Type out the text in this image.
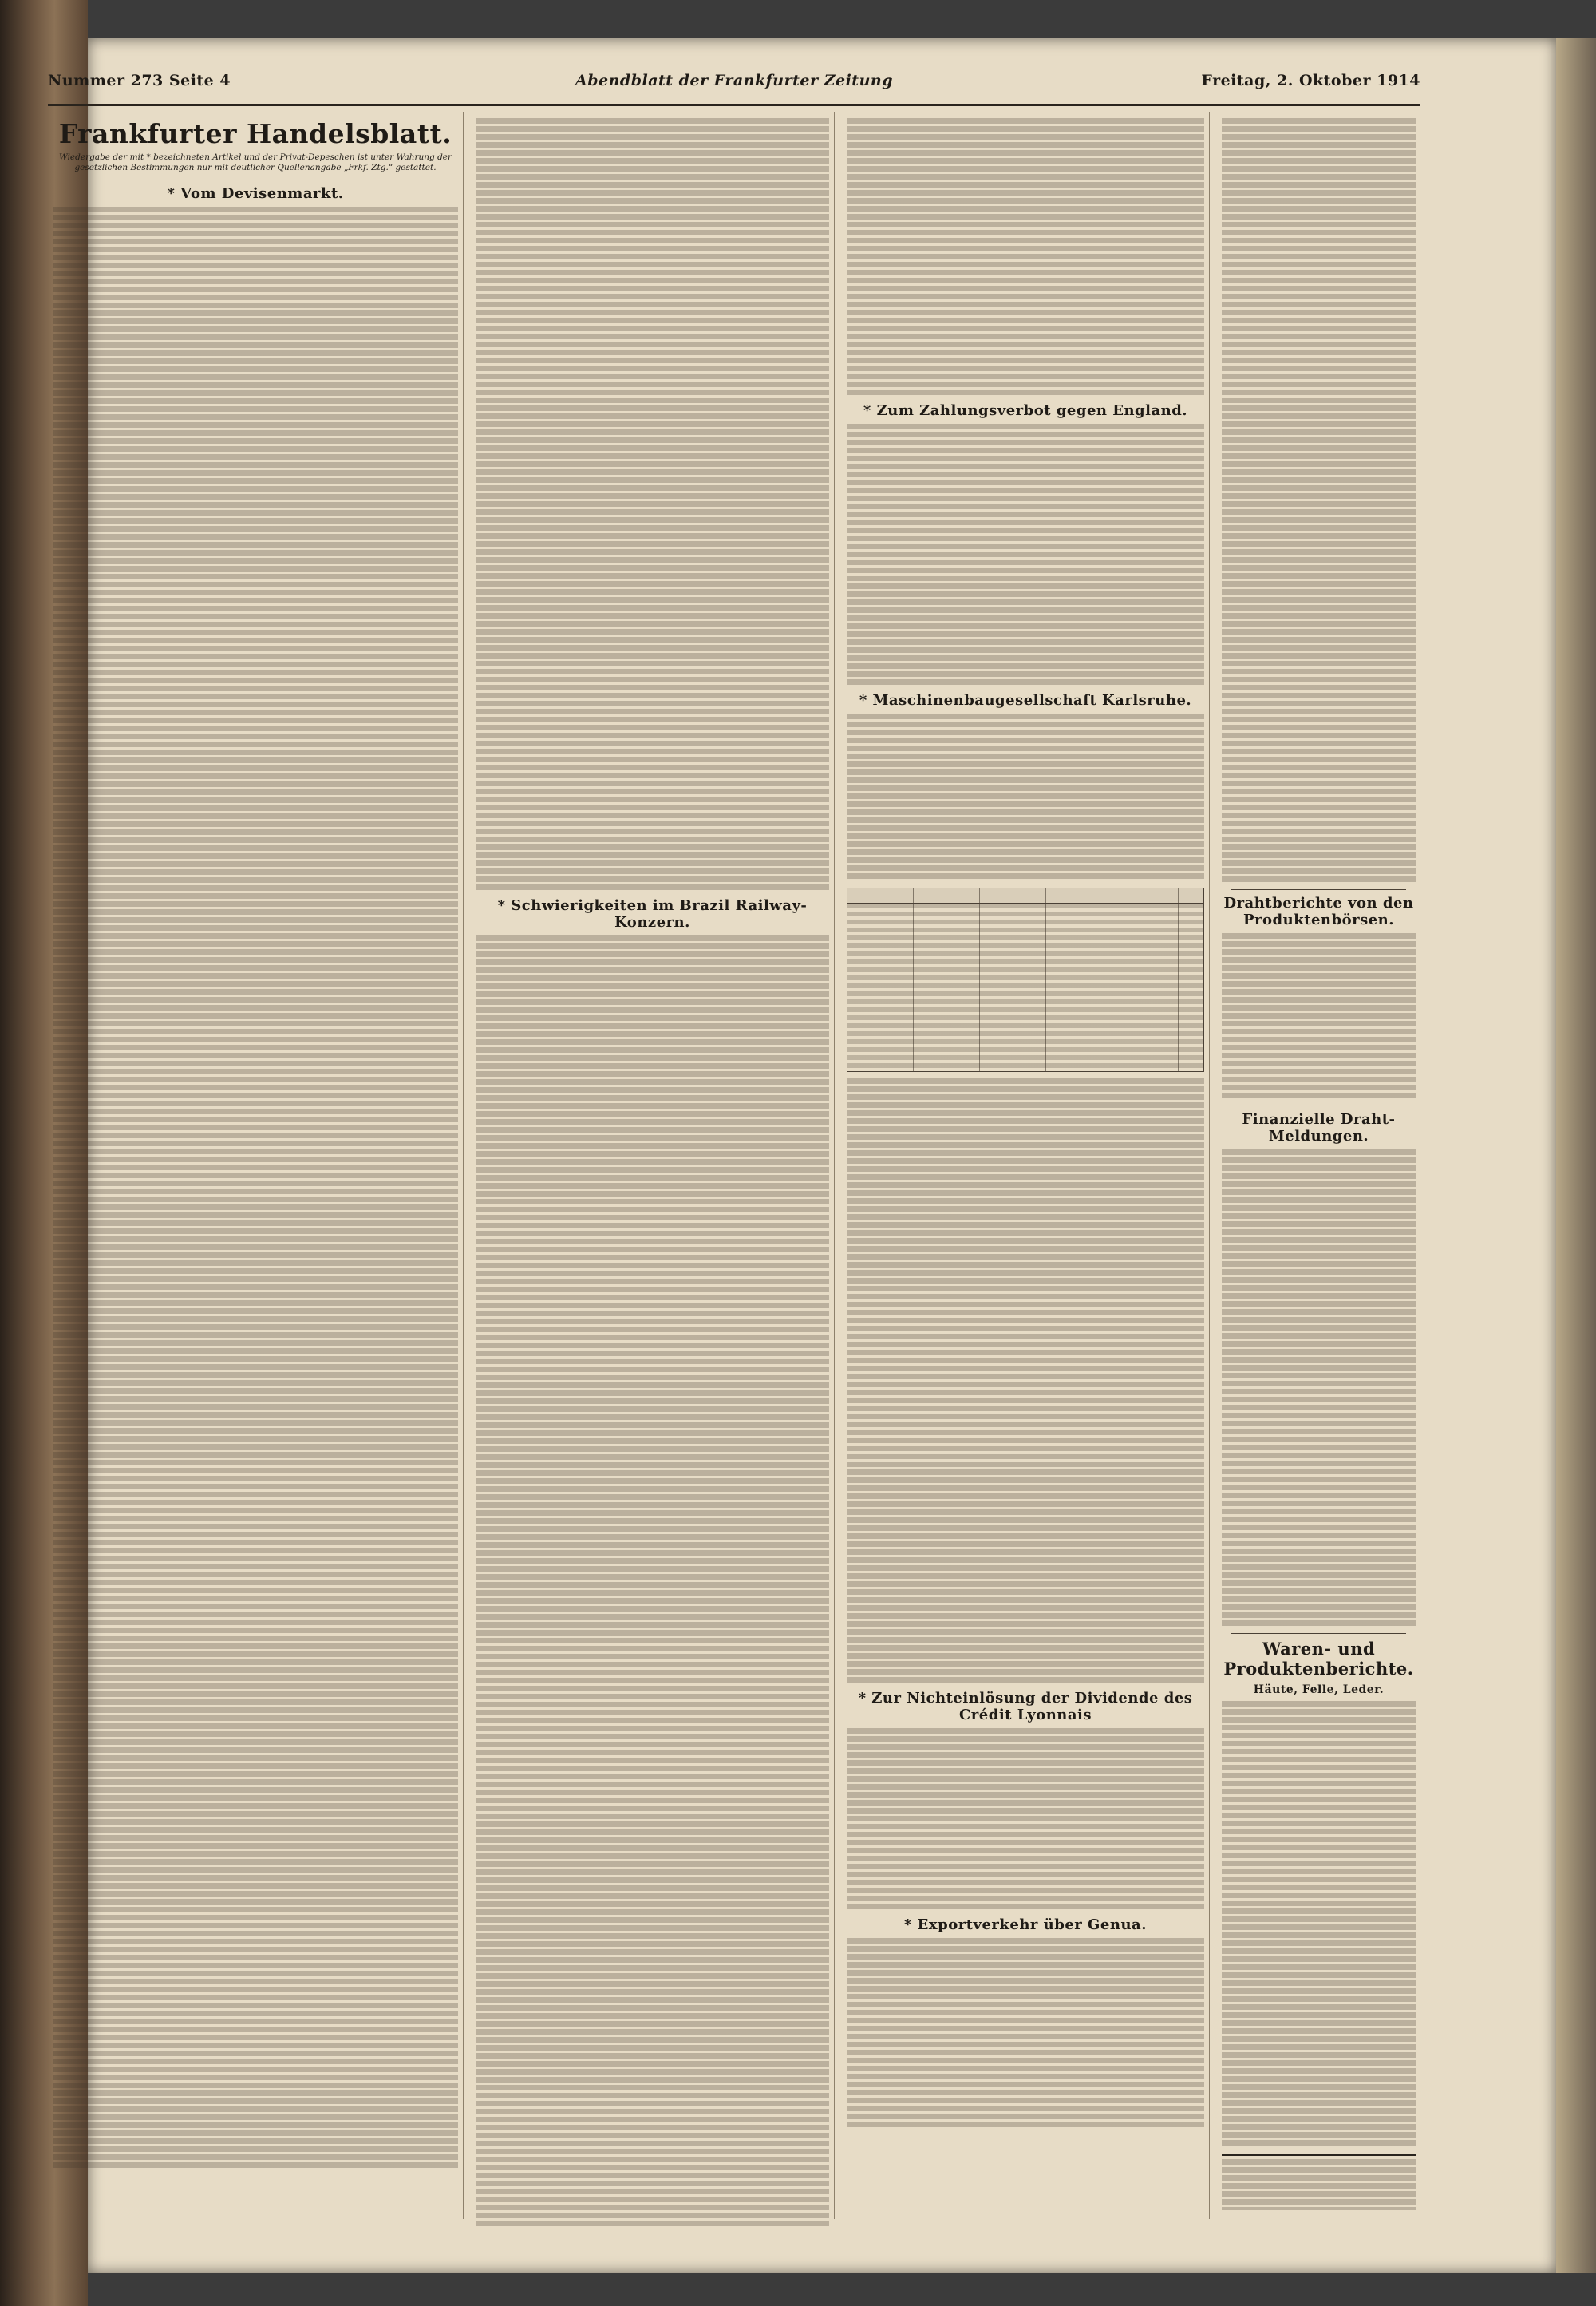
Nummer 273 Seite 4	Abendblatt der Frankfurter Zeitung	Freitag, 2. Oktober 1914
Frankfurter Handelsblatt.
Wiedergabe der mit * bezeichneten Artikel und der Privat-Depeschen ist unter Wahrung der gesetzlichen Bestimmungen nur mit deutlicher Quellenangabe „Frkf. Ztg.“ gestattet.
* Vom Devisenmarkt.
* Schwierigkeiten im Brazil Railway-Konzern.
* Zum Zahlungsverbot gegen England.
* Maschinenbaugesellschaft Karlsruhe.
* Zur Nichteinlösung der Dividende des Crédit Lyonnais
* Exportverkehr über Genua.
Drahtberichte von den Produktenbörsen.
Finanzielle Draht-Meldungen.
Waren- und Produktenberichte.
Häute, Felle, Leder.
